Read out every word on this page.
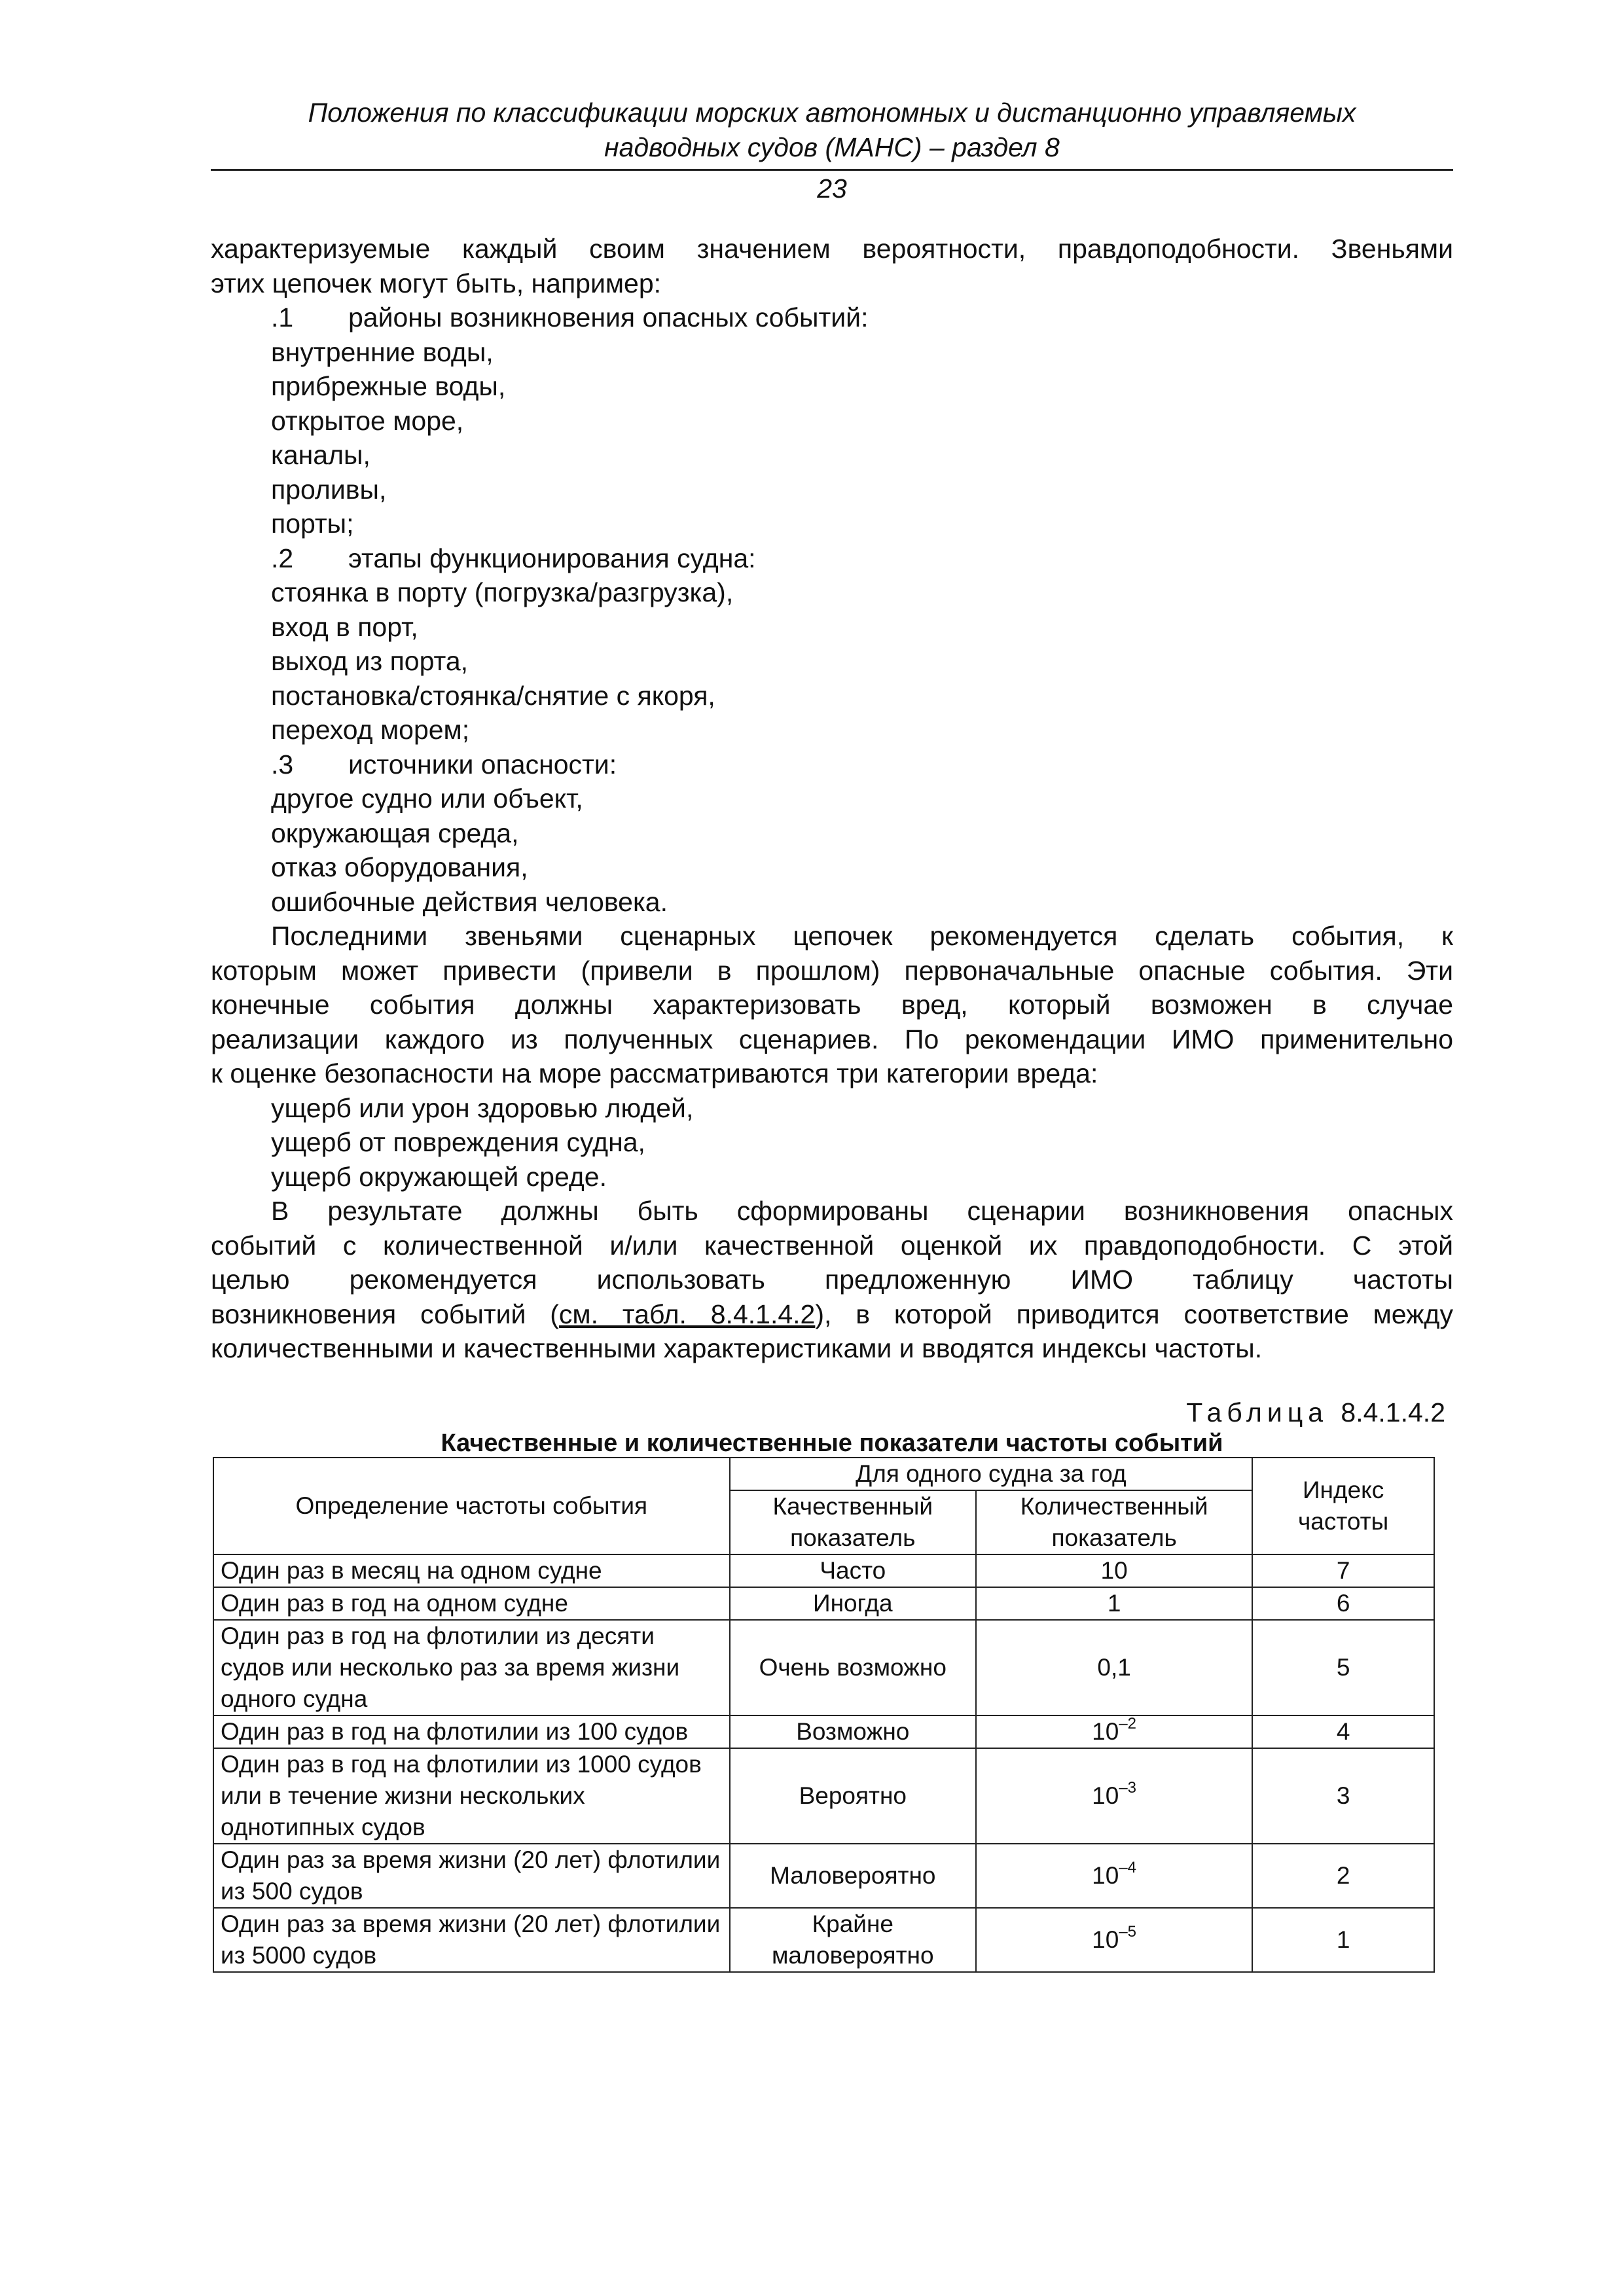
Положения по классификации морских автономных и дистанционно управляемых
надводных судов (МАНС) – раздел 8
23
характеризуемые каждый своим значением вероятности, правдоподобности. Звеньями
этих цепочек могут быть, например:
.1 районы возникновения опасных событий:
внутренние воды,
прибрежные воды,
открытое море,
каналы,
проливы,
порты;
.2 этапы функционирования судна:
стоянка в порту (погрузка/разгрузка),
вход в порт,
выход из порта,
постановка/стоянка/снятие с якоря,
переход морем;
.3 источники опасности:
другое судно или объект,
окружающая среда,
отказ оборудования,
ошибочные действия человека.
Последними звеньями сценарных цепочек рекомендуется сделать события, к
которым может привести (привели в прошлом) первоначальные опасные события. Эти
конечные события должны характеризовать вред, который возможен в случае
реализации каждого из полученных сценариев. По рекомендации ИМО применительно
к оценке безопасности на море рассматриваются три категории вреда:
ущерб или урон здоровью людей,
ущерб от повреждения судна,
ущерб окружающей среде.
В результате должны быть сформированы сценарии возникновения опасных
событий с количественной и/или качественной оценкой их правдоподобности. С этой
целью рекомендуется использовать предложенную ИМО таблицу частоты
возникновения событий (см. табл. 8.4.1.4.2), в которой приводится соответствие между
количественными и качественными характеристиками и вводятся индексы частоты.
Таблица 8.4.1.4.2
Качественные и количественные показатели частоты событий
Определение частоты события	Для одного судна за год		Индекс частоты
	Качественный показатель	Количественный показатель	
Один раз в месяц на одном судне	Часто	10	7
Один раз в год на одном судне	Иногда	1	6
Один раз в год на флотилии из десяти судов или несколько раз за время жизни одного судна	Очень возможно	0,1	5
Один раз в год на флотилии из 100 судов	Возможно	$10^{-2}$	4
Один раз в год на флотилии из 1000 судов или в течение жизни нескольких однотипных судов	Вероятно	$10^{-3}$	3
Один раз за время жизни (20 лет) флотилии из 500 судов	Маловероятно	$10^{-4}$	2
Один раз за время жизни (20 лет) флотилии из 5000 судов	Крайне маловероятно	$10^{-5}$	1
